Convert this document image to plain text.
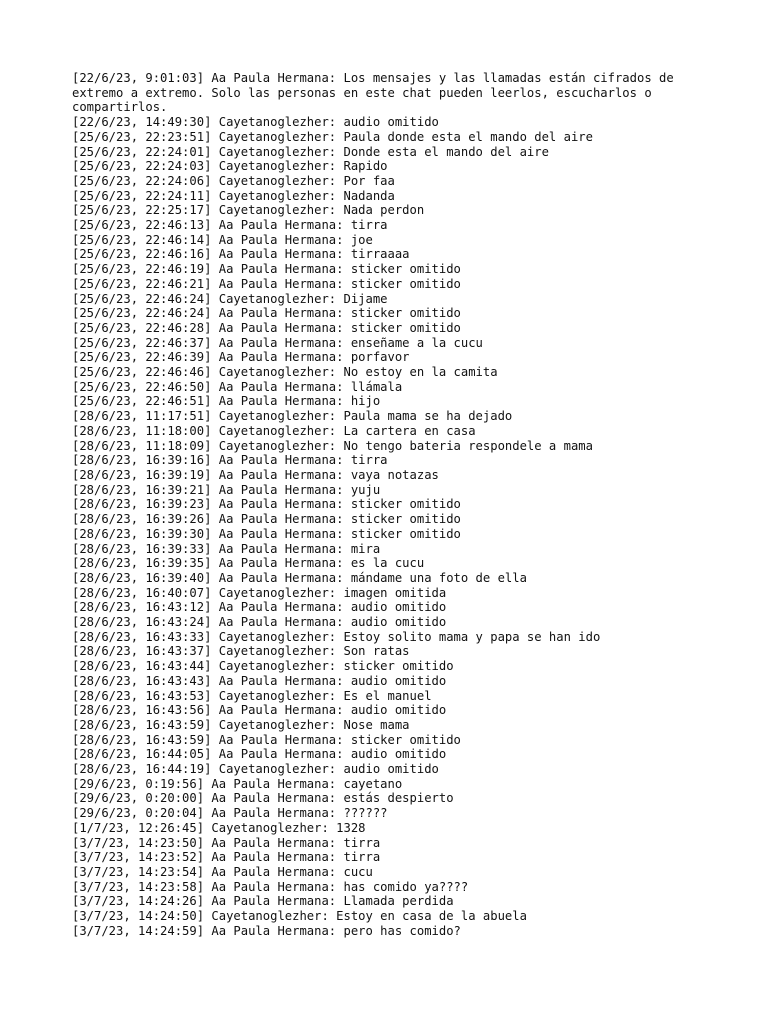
[22/6/23, 9:01:03] Aa Paula Hermana: Los mensajes y las llamadas están cifrados de
extremo a extremo. Solo las personas en este chat pueden leerlos, escucharlos o
compartirlos.
[22/6/23, 14:49:30] Cayetanoglezher: audio omitido
[25/6/23, 22:23:51] Cayetanoglezher: Paula donde esta el mando del aire
[25/6/23, 22:24:01] Cayetanoglezher: Donde esta el mando del aire
[25/6/23, 22:24:03] Cayetanoglezher: Rapido
[25/6/23, 22:24:06] Cayetanoglezher: Por faa
[25/6/23, 22:24:11] Cayetanoglezher: Nadanda
[25/6/23, 22:25:17] Cayetanoglezher: Nada perdon
[25/6/23, 22:46:13] Aa Paula Hermana: tirra
[25/6/23, 22:46:14] Aa Paula Hermana: joe
[25/6/23, 22:46:16] Aa Paula Hermana: tirraaaa
[25/6/23, 22:46:19] Aa Paula Hermana: sticker omitido
[25/6/23, 22:46:21] Aa Paula Hermana: sticker omitido
[25/6/23, 22:46:24] Cayetanoglezher: Dijame
[25/6/23, 22:46:24] Aa Paula Hermana: sticker omitido
[25/6/23, 22:46:28] Aa Paula Hermana: sticker omitido
[25/6/23, 22:46:37] Aa Paula Hermana: enseñame a la cucu
[25/6/23, 22:46:39] Aa Paula Hermana: porfavor
[25/6/23, 22:46:46] Cayetanoglezher: No estoy en la camita
[25/6/23, 22:46:50] Aa Paula Hermana: llámala
[25/6/23, 22:46:51] Aa Paula Hermana: hijo
[28/6/23, 11:17:51] Cayetanoglezher: Paula mama se ha dejado
[28/6/23, 11:18:00] Cayetanoglezher: La cartera en casa
[28/6/23, 11:18:09] Cayetanoglezher: No tengo bateria respondele a mama
[28/6/23, 16:39:16] Aa Paula Hermana: tirra
[28/6/23, 16:39:19] Aa Paula Hermana: vaya notazas
[28/6/23, 16:39:21] Aa Paula Hermana: yuju
[28/6/23, 16:39:23] Aa Paula Hermana: sticker omitido
[28/6/23, 16:39:26] Aa Paula Hermana: sticker omitido
[28/6/23, 16:39:30] Aa Paula Hermana: sticker omitido
[28/6/23, 16:39:33] Aa Paula Hermana: mira
[28/6/23, 16:39:35] Aa Paula Hermana: es la cucu
[28/6/23, 16:39:40] Aa Paula Hermana: mándame una foto de ella
[28/6/23, 16:40:07] Cayetanoglezher: imagen omitida
[28/6/23, 16:43:12] Aa Paula Hermana: audio omitido
[28/6/23, 16:43:24] Aa Paula Hermana: audio omitido
[28/6/23, 16:43:33] Cayetanoglezher: Estoy solito mama y papa se han ido
[28/6/23, 16:43:37] Cayetanoglezher: Son ratas
[28/6/23, 16:43:44] Cayetanoglezher: sticker omitido
[28/6/23, 16:43:43] Aa Paula Hermana: audio omitido
[28/6/23, 16:43:53] Cayetanoglezher: Es el manuel
[28/6/23, 16:43:56] Aa Paula Hermana: audio omitido
[28/6/23, 16:43:59] Cayetanoglezher: Nose mama
[28/6/23, 16:43:59] Aa Paula Hermana: sticker omitido
[28/6/23, 16:44:05] Aa Paula Hermana: audio omitido
[28/6/23, 16:44:19] Cayetanoglezher: audio omitido
[29/6/23, 0:19:56] Aa Paula Hermana: cayetano
[29/6/23, 0:20:00] Aa Paula Hermana: estás despierto
[29/6/23, 0:20:04] Aa Paula Hermana: ??????
[1/7/23, 12:26:45] Cayetanoglezher: 1328
[3/7/23, 14:23:50] Aa Paula Hermana: tirra
[3/7/23, 14:23:52] Aa Paula Hermana: tirra
[3/7/23, 14:23:54] Aa Paula Hermana: cucu
[3/7/23, 14:23:58] Aa Paula Hermana: has comido ya????
[3/7/23, 14:24:26] Aa Paula Hermana: Llamada perdida
[3/7/23, 14:24:50] Cayetanoglezher: Estoy en casa de la abuela
[3/7/23, 14:24:59] Aa Paula Hermana: pero has comido?
